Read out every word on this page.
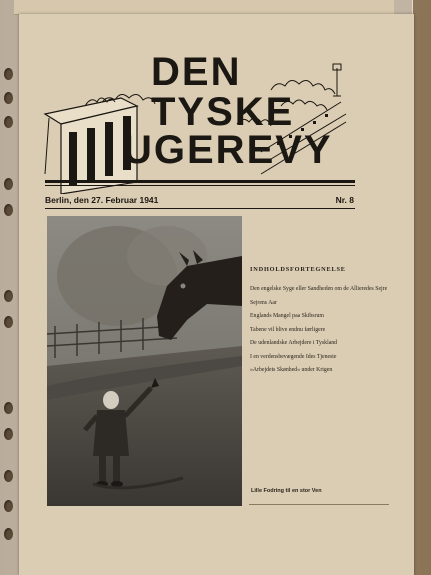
DEN
TYSKE
UGEREVY
Berlin, den 27. Februar 1941	Nr. 8
INDHOLDSFORTEGNELSE
Den engelske Syge eller Sandheden om de Allieredes Sejre
Sejrens Aar
Englands Mangel paa Skibsrum
Tabene vil blive endnu færligere
De udenlandske Arbejdere i Tyskland
I en verdensbevægende Ides Tjeneste
»Arbejdets Skønhed« under Krigen
Lille Fodring til en stor Ven
